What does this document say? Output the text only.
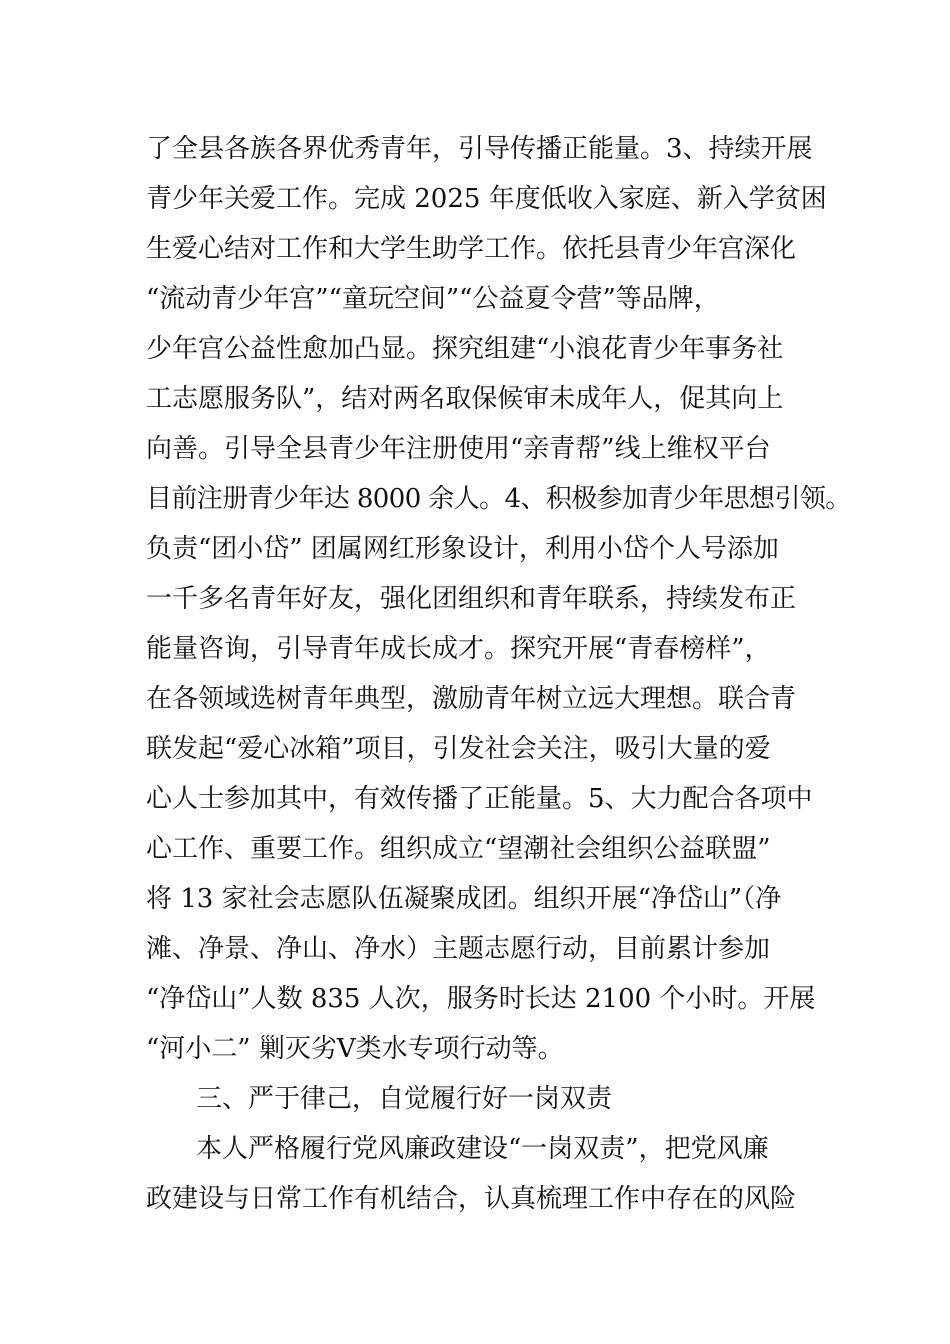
了全县各族各界优秀青年，引导传播正能量。3、持续开展
青少年关爱工作。完成 2025 年度低收入家庭、新入学贫困
生爱心结对工作和大学生助学工作。依托县青少年宫深化
“流动青少年宫”“童玩空间”“公益夏令营”等品牌，
少年宫公益性愈加凸显。探究组建“小浪花青少年事务社
工志愿服务队”，结对两名取保候审未成年人，促其向上
向善。引导全县青少年注册使用“亲青帮”线上维权平台
目前注册青少年达 8000 余人。4、积极参加青少年思想引领。
负责“团小岱” 团属网红形象设计，利用小岱个人号添加
一千多名青年好友，强化团组织和青年联系，持续发布正
能量咨询，引导青年成长成才。探究开展“青春榜样”，
在各领域选树青年典型，激励青年树立远大理想。联合青
联发起“爱心冰箱”项目，引发社会关注，吸引大量的爱
心人士参加其中，有效传播了正能量。5、大力配合各项中
心工作、重要工作。组织成立“望潮社会组织公益联盟”
将 13 家社会志愿队伍凝聚成团。组织开展“净岱山”（净
滩、净景、净山、净水）主题志愿行动，目前累计参加
“净岱山”人数 835 人次，服务时长达 2100 个小时。开展
“河小二” 剿灭劣Ⅴ类水专项行动等。
三、严于律己，自觉履行好一岗双责
本人严格履行党风廉政建设“一岗双责”，把党风廉
政建设与日常工作有机结合，认真梳理工作中存在的风险
